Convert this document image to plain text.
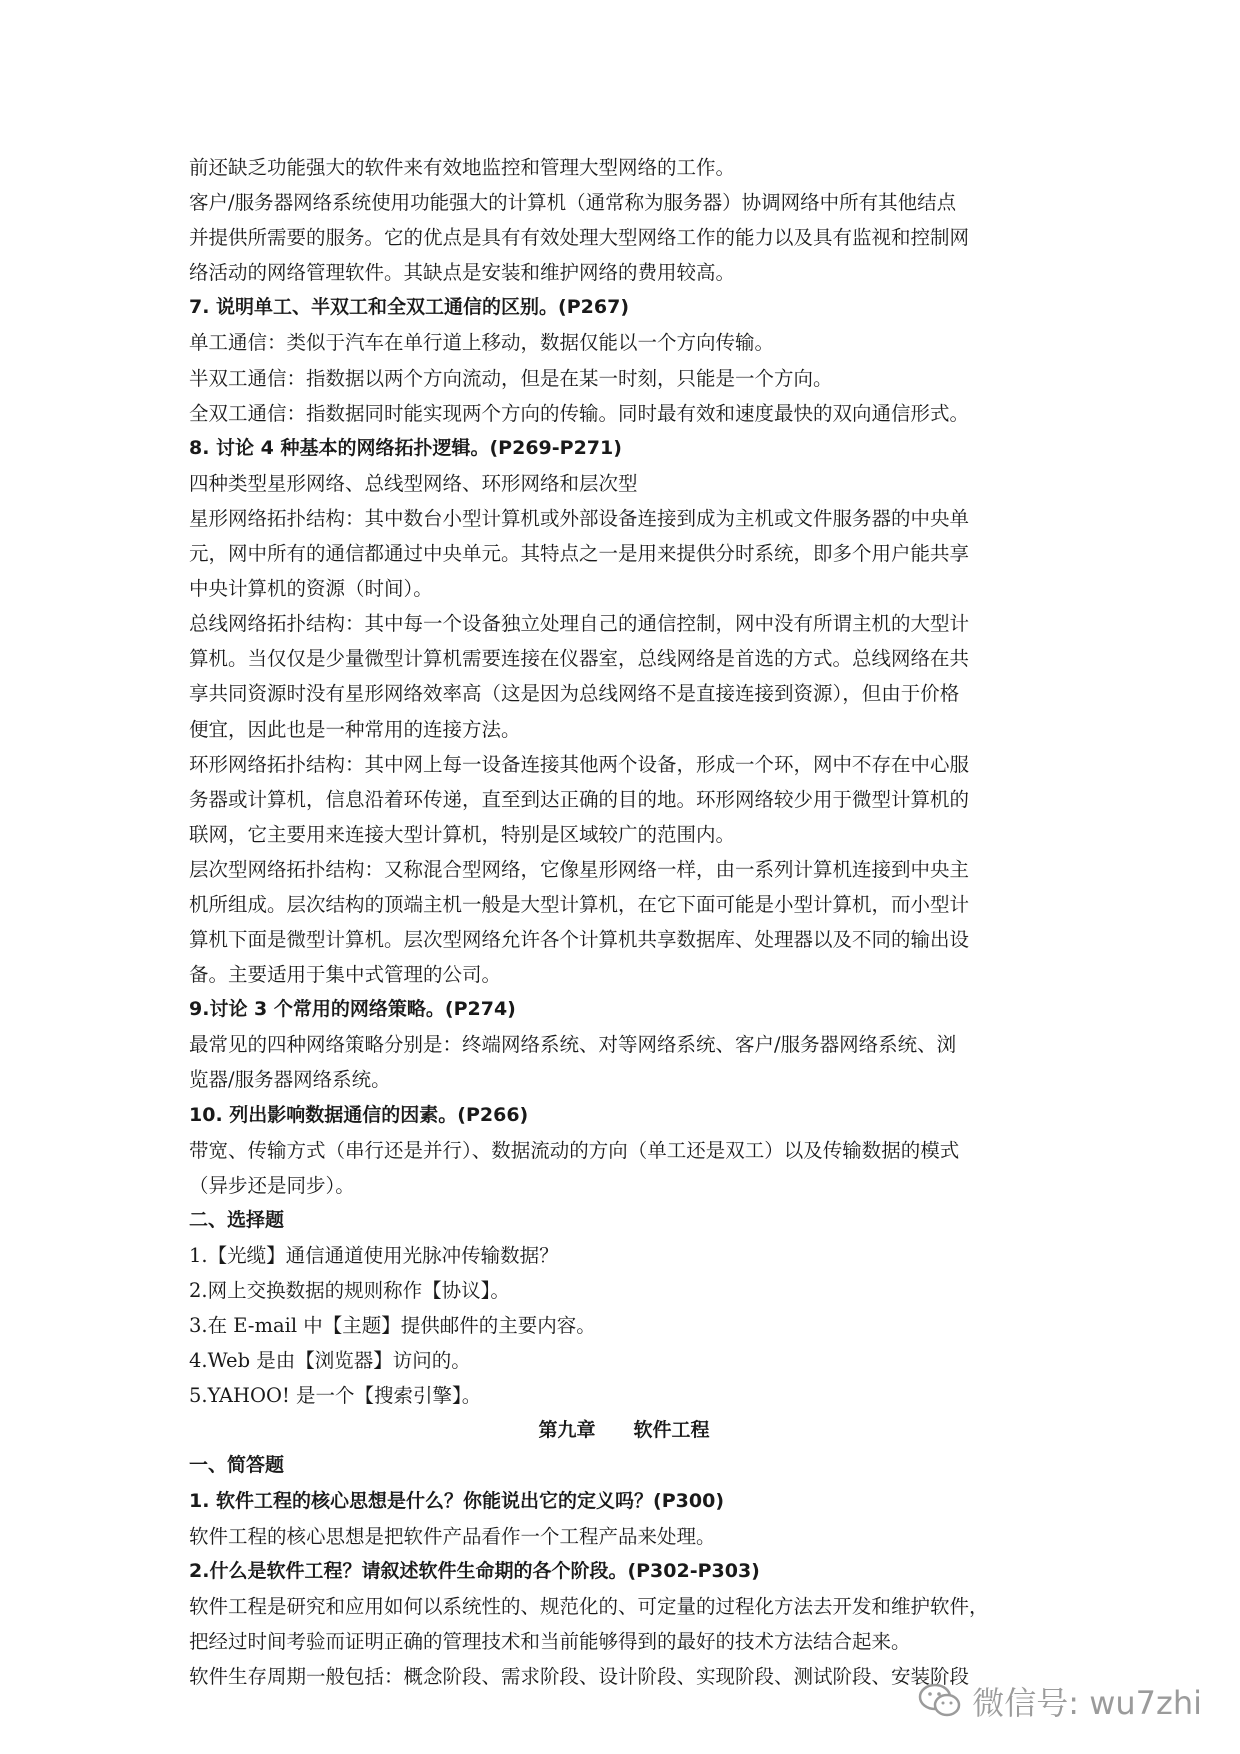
前还缺乏功能强大的软件来有效地监控和管理大型网络的工作。
客户/服务器网络系统使用功能强大的计算机（通常称为服务器）协调网络中所有其他结点
并提供所需要的服务。它的优点是具有有效处理大型网络工作的能力以及具有监视和控制网
络活动的网络管理软件。其缺点是安装和维护网络的费用较高。
7. 说明单工、半双工和全双工通信的区别。(P267)
单工通信：类似于汽车在单行道上移动，数据仅能以一个方向传输。
半双工通信：指数据以两个方向流动，但是在某一时刻，只能是一个方向。
全双工通信：指数据同时能实现两个方向的传输。同时最有效和速度最快的双向通信形式。
8. 讨论 4 种基本的网络拓扑逻辑。(P269-P271)
四种类型星形网络、总线型网络、环形网络和层次型
星形网络拓扑结构：其中数台小型计算机或外部设备连接到成为主机或文件服务器的中央单
元，网中所有的通信都通过中央单元。其特点之一是用来提供分时系统，即多个用户能共享
中央计算机的资源（时间）。
总线网络拓扑结构：其中每一个设备独立处理自己的通信控制，网中没有所谓主机的大型计
算机。当仅仅是少量微型计算机需要连接在仪器室，总线网络是首选的方式。总线网络在共
享共同资源时没有星形网络效率高（这是因为总线网络不是直接连接到资源），但由于价格
便宜，因此也是一种常用的连接方法。
环形网络拓扑结构：其中网上每一设备连接其他两个设备，形成一个环，网中不存在中心服
务器或计算机，信息沿着环传递，直至到达正确的目的地。环形网络较少用于微型计算机的
联网，它主要用来连接大型计算机，特别是区域较广的范围内。
层次型网络拓扑结构：又称混合型网络，它像星形网络一样，由一系列计算机连接到中央主
机所组成。层次结构的顶端主机一般是大型计算机，在它下面可能是小型计算机，而小型计
算机下面是微型计算机。层次型网络允许各个计算机共享数据库、处理器以及不同的输出设
备。主要适用于集中式管理的公司。
9.讨论 3 个常用的网络策略。(P274)
最常见的四种网络策略分别是：终端网络系统、对等网络系统、客户/服务器网络系统、浏
览器/服务器网络系统。
10. 列出影响数据通信的因素。(P266)
带宽、传输方式（串行还是并行）、数据流动的方向（单工还是双工）以及传输数据的模式
（异步还是同步）。
二、选择题
1.【光缆】通信通道使用光脉冲传输数据？
2.网上交换数据的规则称作【协议】。
3.在 E-mail 中【主题】提供邮件的主要内容。
4.Web 是由【浏览器】访问的。
5.YAHOO! 是一个【搜索引擎】。
第九章　　软件工程
一、简答题
1. 软件工程的核心思想是什么？你能说出它的定义吗？(P300)
软件工程的核心思想是把软件产品看作一个工程产品来处理。
2.什么是软件工程？请叙述软件生命期的各个阶段。(P302-P303)
软件工程是研究和应用如何以系统性的、规范化的、可定量的过程化方法去开发和维护软件，
把经过时间考验而证明正确的管理技术和当前能够得到的最好的技术方法结合起来。
软件生存周期一般包括：概念阶段、需求阶段、设计阶段、实现阶段、测试阶段、安装阶段
微信号: wu7zhi
